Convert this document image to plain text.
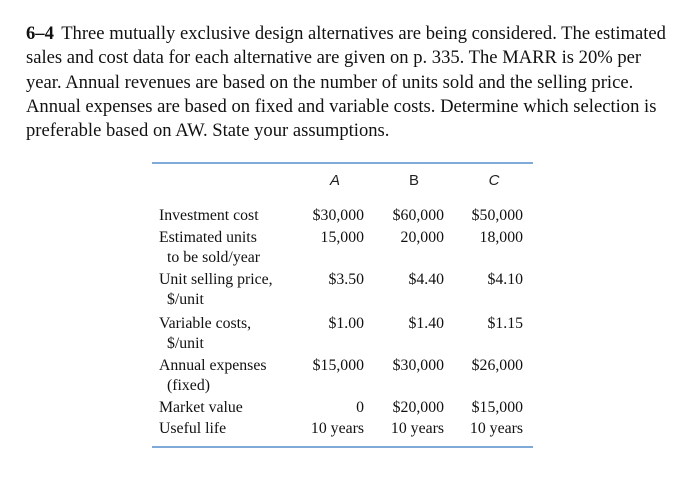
6–4 Three mutually exclusive design alternatives are being considered. The estimated sales and cost data for each alternative are given on p. 335. The MARR is 20% per year. Annual revenues are based on the number of units sold and the selling price. Annual expenses are based on fixed and variable costs. Determine which selection is preferable based on AW. State your assumptions.
A	B	C
Investment cost	$30,000	$60,000	$50,000
Estimated units
to be sold/year
15,000	20,000	18,000
Unit selling price,
$/unit
$3.50	$4.40	$4.10
Variable costs,
$/unit
$1.00	$1.40	$1.15
Annual expenses
(fixed)
$15,000	$30,000	$26,000
Market value	0	$20,000	$15,000
Useful life	10 years	10 years	10 years
